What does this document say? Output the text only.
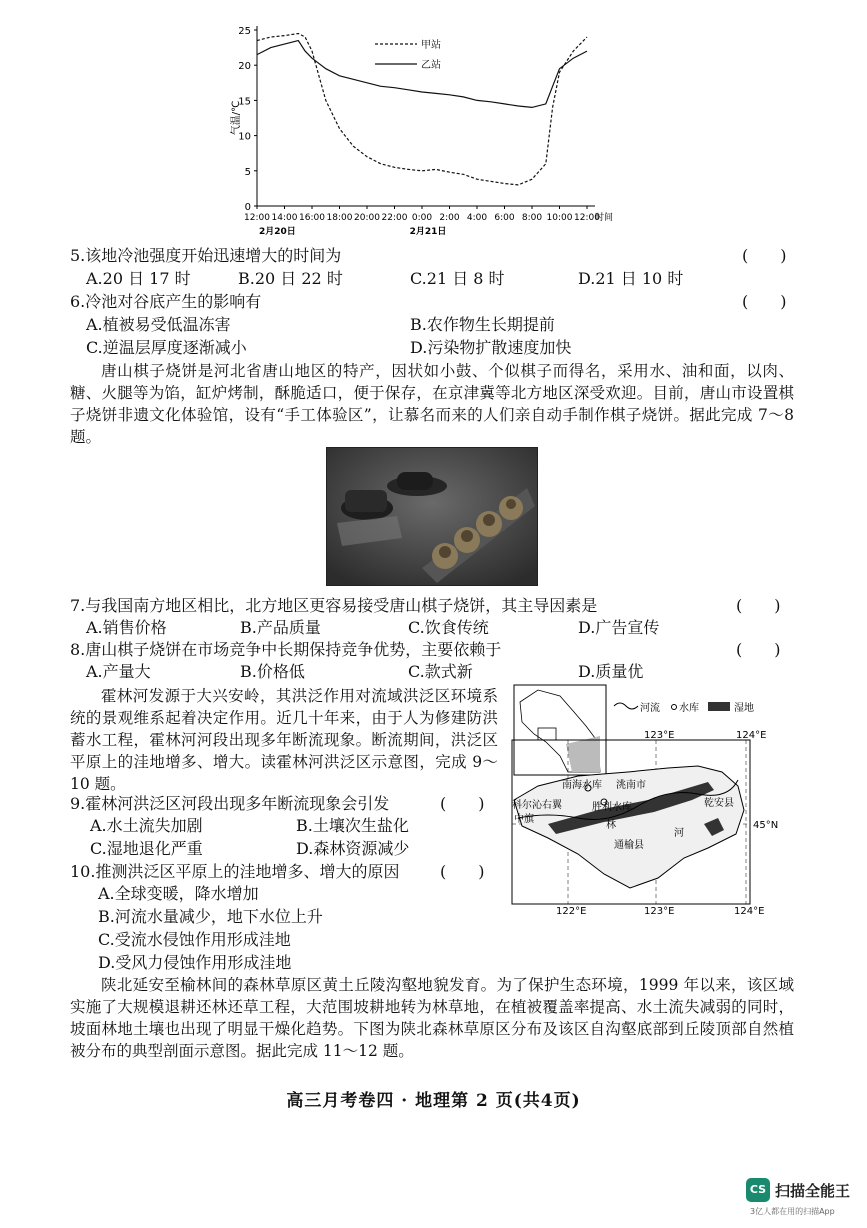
0
5
10
15
20
25
气温/℃
12:00 14:00 16:00 18:00 20:00 22:00 0:00 2:00 4:00 6:00 8:00 10:00 12:00
时间
2月20日	2月21日
甲站
乙站
5.该地冷池强度开始迅速增大的时间为	(　　)
A.20 日 17 时	B.20 日 22 时	C.21 日 8 时	D.21 日 10 时
6.冷池对谷底产生的影响有	(　　)
A.植被易受低温冻害	B.农作物生长期提前
C.逆温层厚度逐渐减小	D.污染物扩散速度加快
唐山棋子烧饼是河北省唐山地区的特产，因状如小鼓、个似棋子而得名，采用水、油和面，以肉、糖、火腿等为馅，缸炉烤制，酥脆适口，便于保存，在京津冀等北方地区深受欢迎。目前，唐山市设置棋子烧饼非遗文化体验馆，设有“手工体验区”，让慕名而来的人们亲自动手制作棋子烧饼。据此完成 7～8 题。
7.与我国南方地区相比，北方地区更容易接受唐山棋子烧饼，其主导因素是	(　　)
A.销售价格	B.产品质量	C.饮食传统	D.广告宣传
8.唐山棋子烧饼在市场竞争中长期保持竞争优势，主要依赖于	(　　)
A.产量大	B.价格低	C.款式新	D.质量优
霍林河发源于大兴安岭，其洪泛作用对流域洪泛区环境系统的景观维系起着决定作用。近几十年来，由于人为修建防洪蓄水工程，霍林河河段出现多年断流现象。断流期间，洪泛区平原上的洼地增多、增大。读霍林河洪泛区示意图，完成 9～10 题。
河流 水库	湿地
123°E	124°E
122°E	123°E	124°E
45°N
南海水库 洮南市
科尔沁右翼	胜利水库
中旗
林
通榆县
河
乾安县
9.霍林河洪泛区河段出现多年断流现象会引发	(　　)
A.水土流失加剧	B.土壤次生盐化
C.湿地退化严重	D.森林资源减少
10.推测洪泛区平原上的洼地增多、增大的原因	(　　)
A.全球变暖，降水增加
B.河流水量减少，地下水位上升
C.受流水侵蚀作用形成洼地
D.受风力侵蚀作用形成洼地
陕北延安至榆林间的森林草原区黄土丘陵沟壑地貌发育。为了保护生态环境，1999 年以来，该区域实施了大规模退耕还林还草工程，大范围坡耕地转为林草地，在植被覆盖率提高、水土流失减弱的同时，坡面林地土壤也出现了明显干燥化趋势。下图为陕北森林草原区分布及该区自沟壑底部到丘陵顶部自然植被分布的典型剖面示意图。据此完成 11～12 题。
高三月考卷四 · 地理第 2 页(共4页)
CS 扫描全能王
3亿人都在用的扫描App
